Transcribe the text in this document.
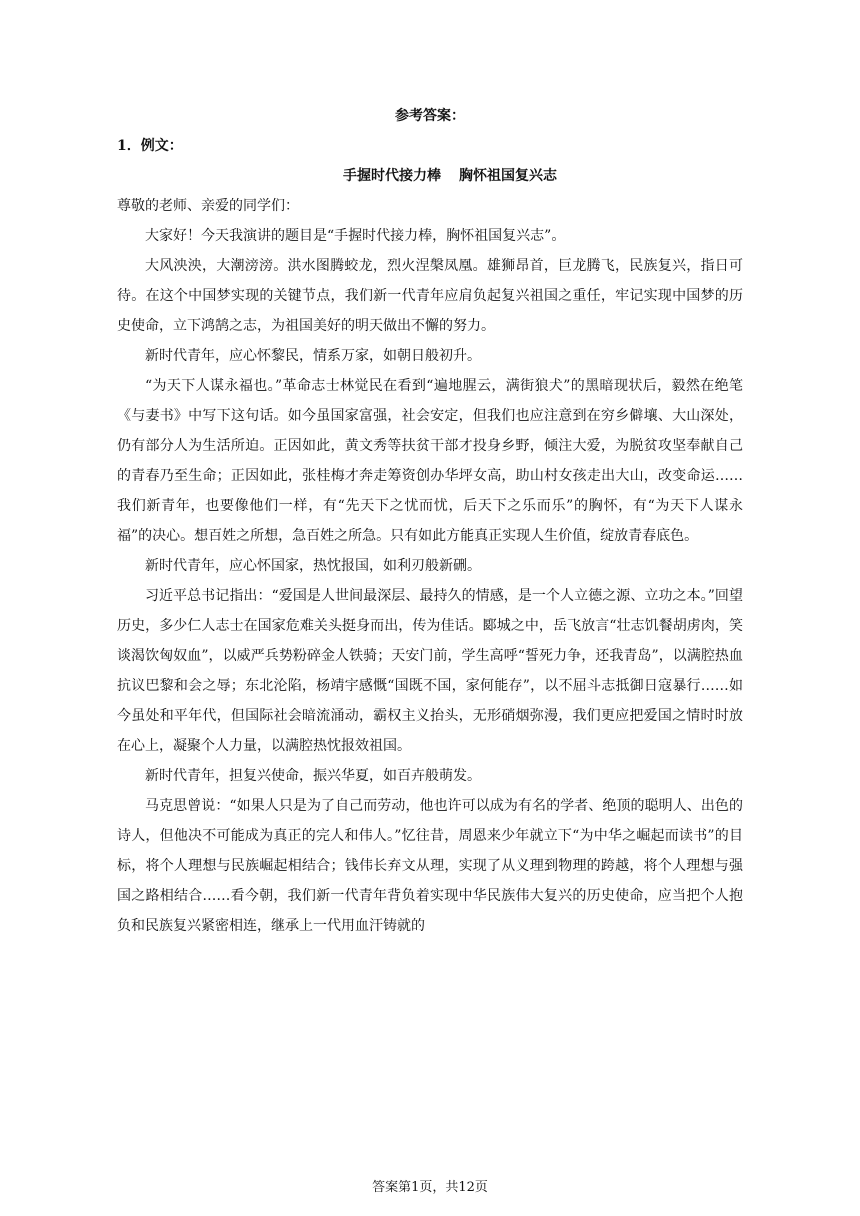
参考答案：

1．例文：

手握时代接力棒 胸怀祖国复兴志

尊敬的老师、亲爱的同学们：

大家好！今天我演讲的题目是“手握时代接力棒，胸怀祖国复兴志”。

大风泱泱，大潮滂滂。洪水图腾蛟龙，烈火涅槃凤凰。雄狮昂首，巨龙腾飞，民族复兴，指日可待。在这个中国梦实现的关键节点，我们新一代青年应肩负起复兴祖国之重任，牢记实现中国梦的历史使命，立下鸿鹄之志，为祖国美好的明天做出不懈的努力。

新时代青年，应心怀黎民，情系万家，如朝日般初升。

“为天下人谋永福也。”革命志士林觉民在看到“遍地腥云，满街狼犬”的黑暗现状后，毅然在绝笔《与妻书》中写下这句话。如今虽国家富强，社会安定，但我们也应注意到在穷乡僻壤、大山深处，仍有部分人为生活所迫。正因如此，黄文秀等扶贫干部才投身乡野，倾注大爱，为脱贫攻坚奉献自己的青春乃至生命；正因如此，张桂梅才奔走筹资创办华坪女高，助山村女孩走出大山，改变命运……我们新青年，也要像他们一样，有“先天下之忧而忧，后天下之乐而乐”的胸怀，有“为天下人谋永福”的决心。想百姓之所想，急百姓之所急。只有如此方能真正实现人生价值，绽放青春底色。

新时代青年，应心怀国家，热忱报国，如利刃般新硎。

习近平总书记指出：“爱国是人世间最深层、最持久的情感，是一个人立德之源、立功之本。”回望历史，多少仁人志士在国家危难关头挺身而出，传为佳话。郾城之中，岳飞放言“壮志饥餐胡虏肉，笑谈渴饮匈奴血”，以威严兵势粉碎金人铁骑；天安门前，学生高呼“誓死力争，还我青岛”，以满腔热血抗议巴黎和会之辱；东北沦陷，杨靖宇感慨“国既不国，家何能存”，以不屈斗志抵御日寇暴行……如今虽处和平年代，但国际社会暗流涌动，霸权主义抬头，无形硝烟弥漫，我们更应把爱国之情时时放在心上，凝聚个人力量，以满腔热忱报效祖国。

新时代青年，担复兴使命，振兴华夏，如百卉般萌发。

马克思曾说：“如果人只是为了自己而劳动，他也许可以成为有名的学者、绝顶的聪明人、出色的诗人，但他决不可能成为真正的完人和伟人。”忆往昔，周恩来少年就立下“为中华之崛起而读书”的目标，将个人理想与民族崛起相结合；钱伟长弃文从理，实现了从义理到物理的跨越，将个人理想与强国之路相结合……看今朝，我们新一代青年背负着实现中华民族伟大复兴的历史使命，应当把个人抱负和民族复兴紧密相连，继承上一代用血汗铸就的

答案第1页，共12页
